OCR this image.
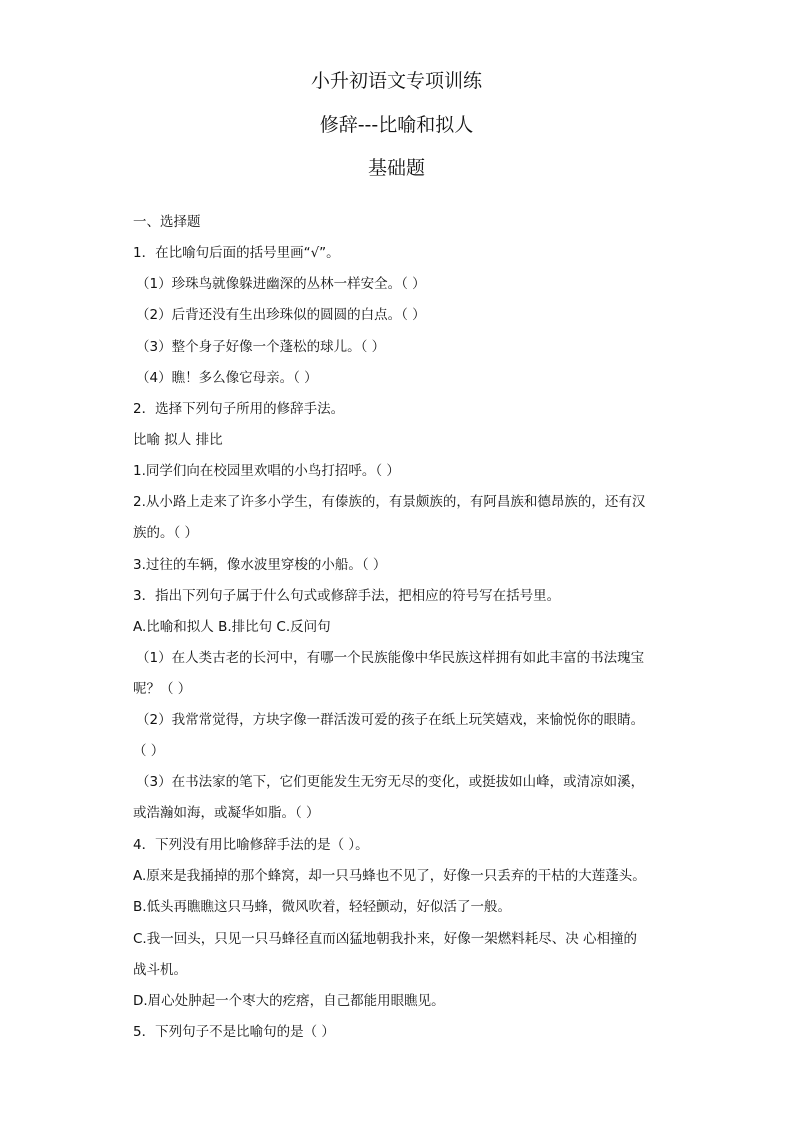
小升初语文专项训练
修辞---比喻和拟人
基础题
一、选择题
1．在比喻句后面的括号里画“√”。
（1）珍珠鸟就像躲进幽深的丛林一样安全。（ ）
（2）后背还没有生出珍珠似的圆圆的白点。（ ）
（3）整个身子好像一个蓬松的球儿。（ ）
（4）瞧！多么像它母亲。（ ）
2．选择下列句子所用的修辞手法。
比喻 拟人 排比
1.同学们向在校园里欢唱的小鸟打招呼。（ ）
2.从小路上走来了许多小学生，有傣族的，有景颇族的，有阿昌族和德昂族的，还有汉
族的。（ ）
3.过往的车辆，像水波里穿梭的小船。（ ）
3．指出下列句子属于什么句式或修辞手法，把相应的符号写在括号里。
A.比喻和拟人 B.排比句 C.反问句
（1）在人类古老的长河中，有哪一个民族能像中华民族这样拥有如此丰富的书法瑰宝
呢？（ ）
（2）我常常觉得，方块字像一群活泼可爱的孩子在纸上玩笑嬉戏，来愉悦你的眼睛。
（ ）
（3）在书法家的笔下，它们更能发生无穷无尽的变化，或挺拔如山峰，或清凉如溪，
或浩瀚如海，或凝华如脂。（ ）
4．下列没有用比喻修辞手法的是（ ）。
A.原来是我捅掉的那个蜂窝，却一只马蜂也不见了，好像一只丢弃的干枯的大莲蓬头。
B.低头再瞧瞧这只马蜂，微风吹着，轻轻颤动，好似活了一般。
C.我一回头，只见一只马蜂径直而凶猛地朝我扑来，好像一架燃料耗尽、决 心相撞的
战斗机。
D.眉心处肿起一个枣大的疙瘩，自己都能用眼瞧见。
5．下列句子不是比喻句的是（ ）
